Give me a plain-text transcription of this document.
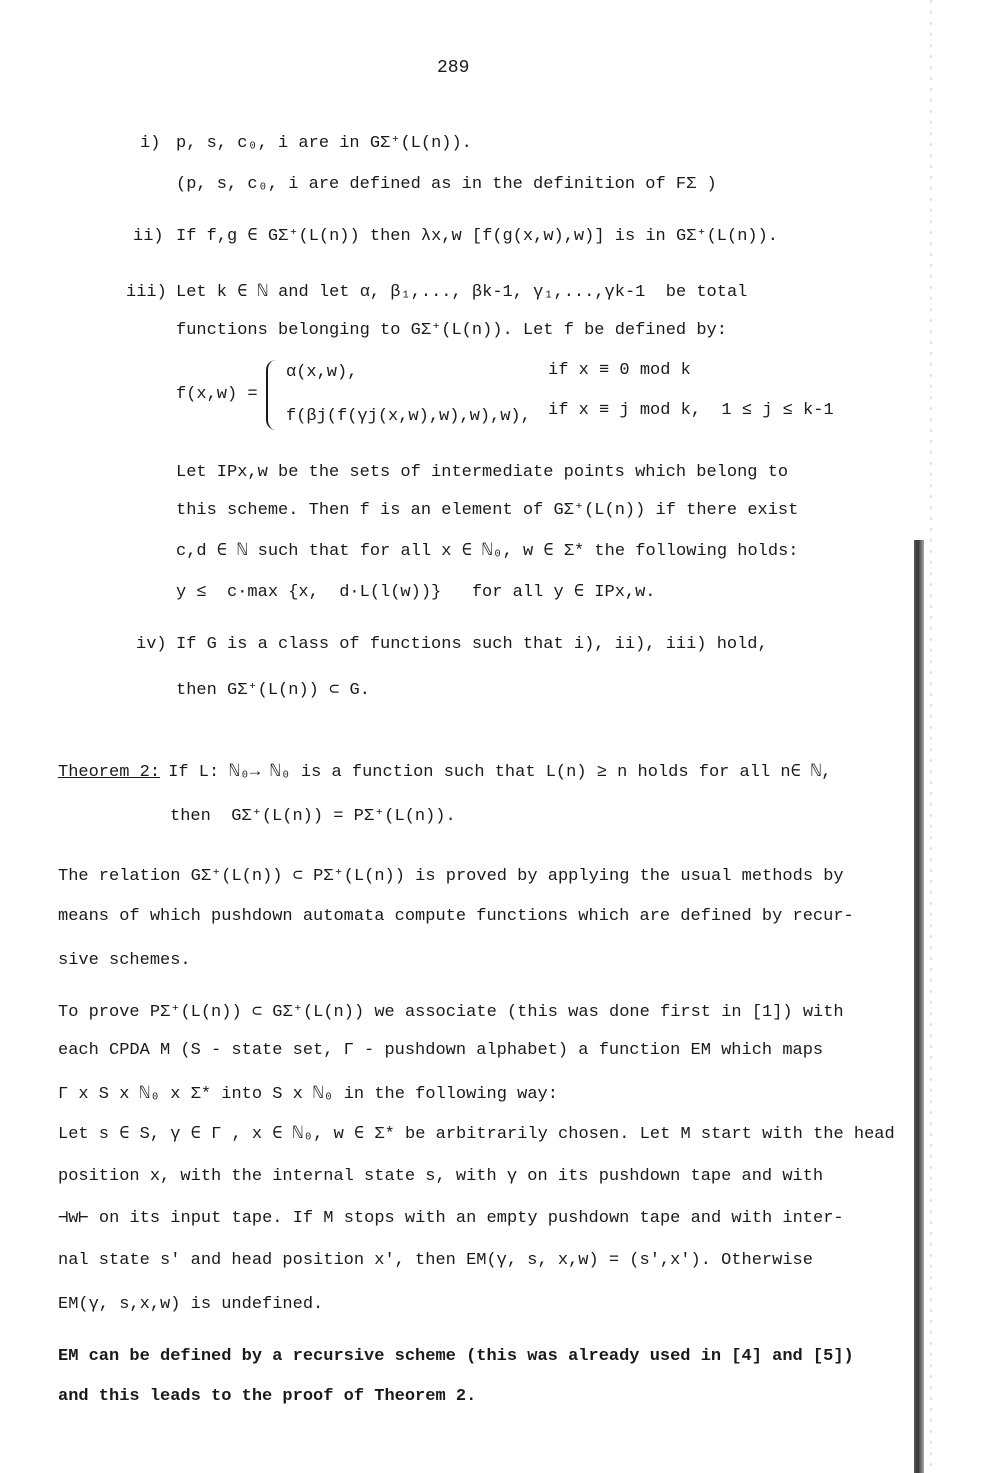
289
i) p, s, c₀, i are in GΣ⁺(L(n)).
(p, s, c₀, i are defined as in the definition of FΣ )
ii) If f,g ∈ GΣ⁺(L(n)) then λx,w [f(g(x,w),w)] is in GΣ⁺(L(n)).
iii) Let k ∈ ℕ and let α, β₁,..., βk-1, γ₁,...,γk-1  be total
functions belonging to GΣ⁺(L(n)). Let f be defined by:
f(x,w) =
α(x,w),	if x ≡ 0 mod k
f(βj(f(γj(x,w),w),w),w), if x ≡ j mod k,  1 ≤ j ≤ k-1
Let IPx,w be the sets of intermediate points which belong to
this scheme. Then f is an element of GΣ⁺(L(n)) if there exist
c,d ∈ ℕ such that for all x ∈ ℕ₀, w ∈ Σ* the following holds:
y ≤  c·max {x,  d·L(l(w))}   for all y ∈ IPx,w.
iv) If G is a class of functions such that i), ii), iii) hold,
then GΣ⁺(L(n)) ⊂ G.
Theorem 2:
If L: ℕ₀→ ℕ₀ is a function such that L(n) ≥ n holds for all n∈ ℕ,
then  GΣ⁺(L(n)) = PΣ⁺(L(n)).
The relation GΣ⁺(L(n)) ⊂ PΣ⁺(L(n)) is proved by applying the usual methods by
means of which pushdown automata compute functions which are defined by recur-
sive schemes.
To prove PΣ⁺(L(n)) ⊂ GΣ⁺(L(n)) we associate (this was done first in [1]) with
each CPDA M (S - state set, Γ - pushdown alphabet) a function EM which maps
Γ x S x ℕ₀ x Σ* into S x ℕ₀ in the following way:
Let s ∈ S, γ ∈ Γ , x ∈ ℕ₀, w ∈ Σ* be arbitrarily chosen. Let M start with the head
position x, with the internal state s, with γ on its pushdown tape and with
⊣w⊢ on its input tape. If M stops with an empty pushdown tape and with inter-
nal state s' and head position x', then EM(γ, s, x,w) = (s',x'). Otherwise
EM(γ, s,x,w) is undefined.
EM can be defined by a recursive scheme (this was already used in [4] and [5])
and this leads to the proof of Theorem 2.
